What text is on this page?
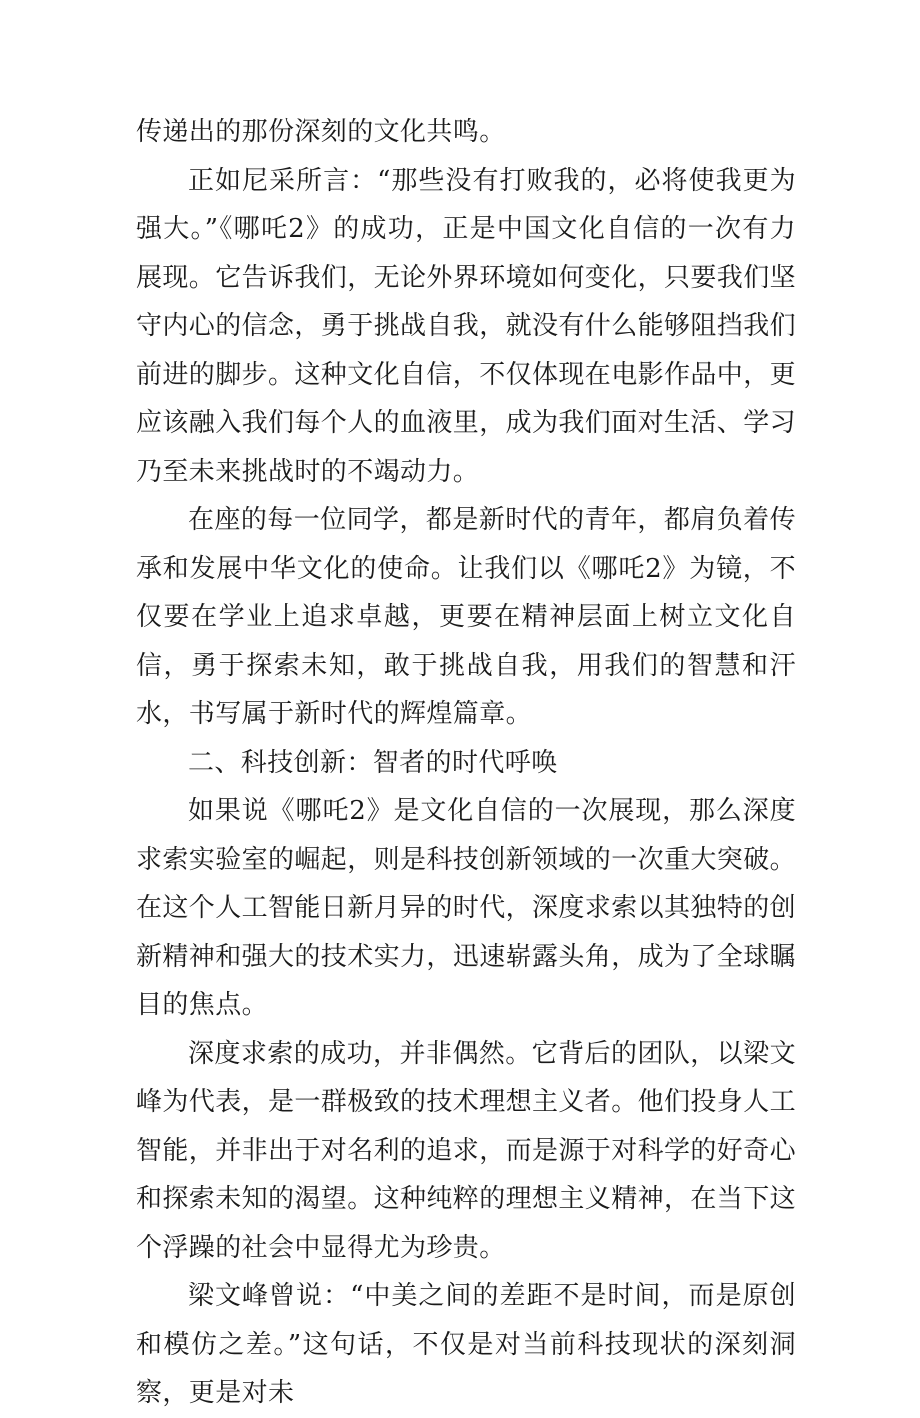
传递出的那份深刻的文化共鸣。

正如尼采所言：“那些没有打败我的，必将使我更为强大。”《哪吒2》的成功，正是中国文化自信的一次有力展现。它告诉我们，无论外界环境如何变化，只要我们坚守内心的信念，勇于挑战自我，就没有什么能够阻挡我们前进的脚步。这种文化自信，不仅体现在电影作品中，更应该融入我们每个人的血液里，成为我们面对生活、学习乃至未来挑战时的不竭动力。

在座的每一位同学，都是新时代的青年，都肩负着传承和发展中华文化的使命。让我们以《哪吒2》为镜，不仅要在学业上追求卓越，更要在精神层面上树立文化自信，勇于探索未知，敢于挑战自我，用我们的智慧和汗水，书写属于新时代的辉煌篇章。

二、科技创新：智者的时代呼唤

如果说《哪吒2》是文化自信的一次展现，那么深度求索实验室的崛起，则是科技创新领域的一次重大突破。在这个人工智能日新月异的时代，深度求索以其独特的创新精神和强大的技术实力，迅速崭露头角，成为了全球瞩目的焦点。

深度求索的成功，并非偶然。它背后的团队，以梁文峰为代表，是一群极致的技术理想主义者。他们投身人工智能，并非出于对名利的追求，而是源于对科学的好奇心和探索未知的渴望。这种纯粹的理想主义精神，在当下这个浮躁的社会中显得尤为珍贵。

梁文峰曾说：“中美之间的差距不是时间，而是原创和模仿之差。”这句话，不仅是对当前科技现状的深刻洞察，更是对未
